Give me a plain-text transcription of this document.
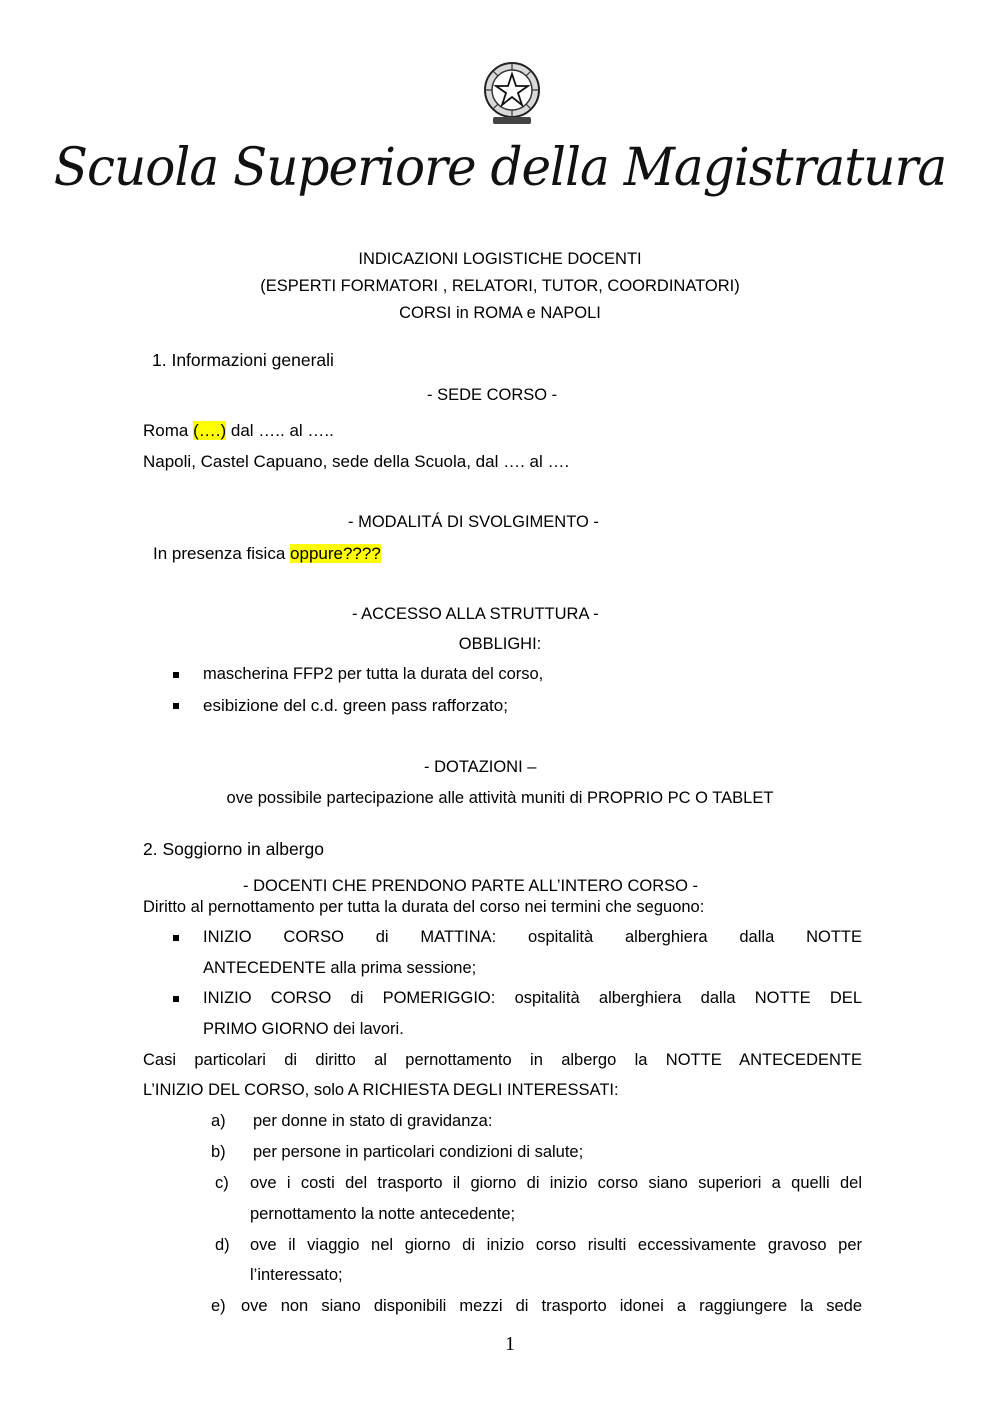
Scuola Superiore della Magistratura
INDICAZIONI LOGISTICHE DOCENTI
(ESPERTI FORMATORI , RELATORI, TUTOR, COORDINATORI)
CORSI in ROMA e NAPOLI
1. Informazioni generali
- SEDE CORSO -
Roma (….) dal ….. al …..
Napoli, Castel Capuano, sede della Scuola, dal …. al ….
- MODALITÁ DI SVOLGIMENTO -
In presenza fisica oppure????
- ACCESSO ALLA STRUTTURA -
OBBLIGHI:
mascherina FFP2 per tutta la durata del corso,
esibizione del c.d. green pass rafforzato;
- DOTAZIONI –
ove possibile partecipazione alle attività muniti di PROPRIO PC O TABLET
2. Soggiorno in albergo
- DOCENTI CHE PRENDONO PARTE ALL’INTERO CORSO -
Diritto al pernottamento per tutta la durata del corso nei termini che seguono:
INIZIO CORSO di MATTINA: ospitalità alberghiera dalla NOTTE
ANTECEDENTE alla prima sessione;
INIZIO CORSO di POMERIGGIO: ospitalità alberghiera dalla NOTTE DEL
PRIMO GIORNO dei lavori.
Casi particolari di diritto al pernottamento in albergo la NOTTE ANTECEDENTE
L’INIZIO DEL CORSO, solo A RICHIESTA DEGLI INTERESSATI:
a) per donne in stato di gravidanza:
b) per persone in particolari condizioni di salute;
c) ove i costi del trasporto il giorno di inizio corso siano superiori a quelli del
pernottamento la notte antecedente;
d) ove il viaggio nel giorno di inizio corso risulti eccessivamente gravoso per
l’interessato;
e) ove non siano disponibili mezzi di trasporto idonei a raggiungere la sede
1
